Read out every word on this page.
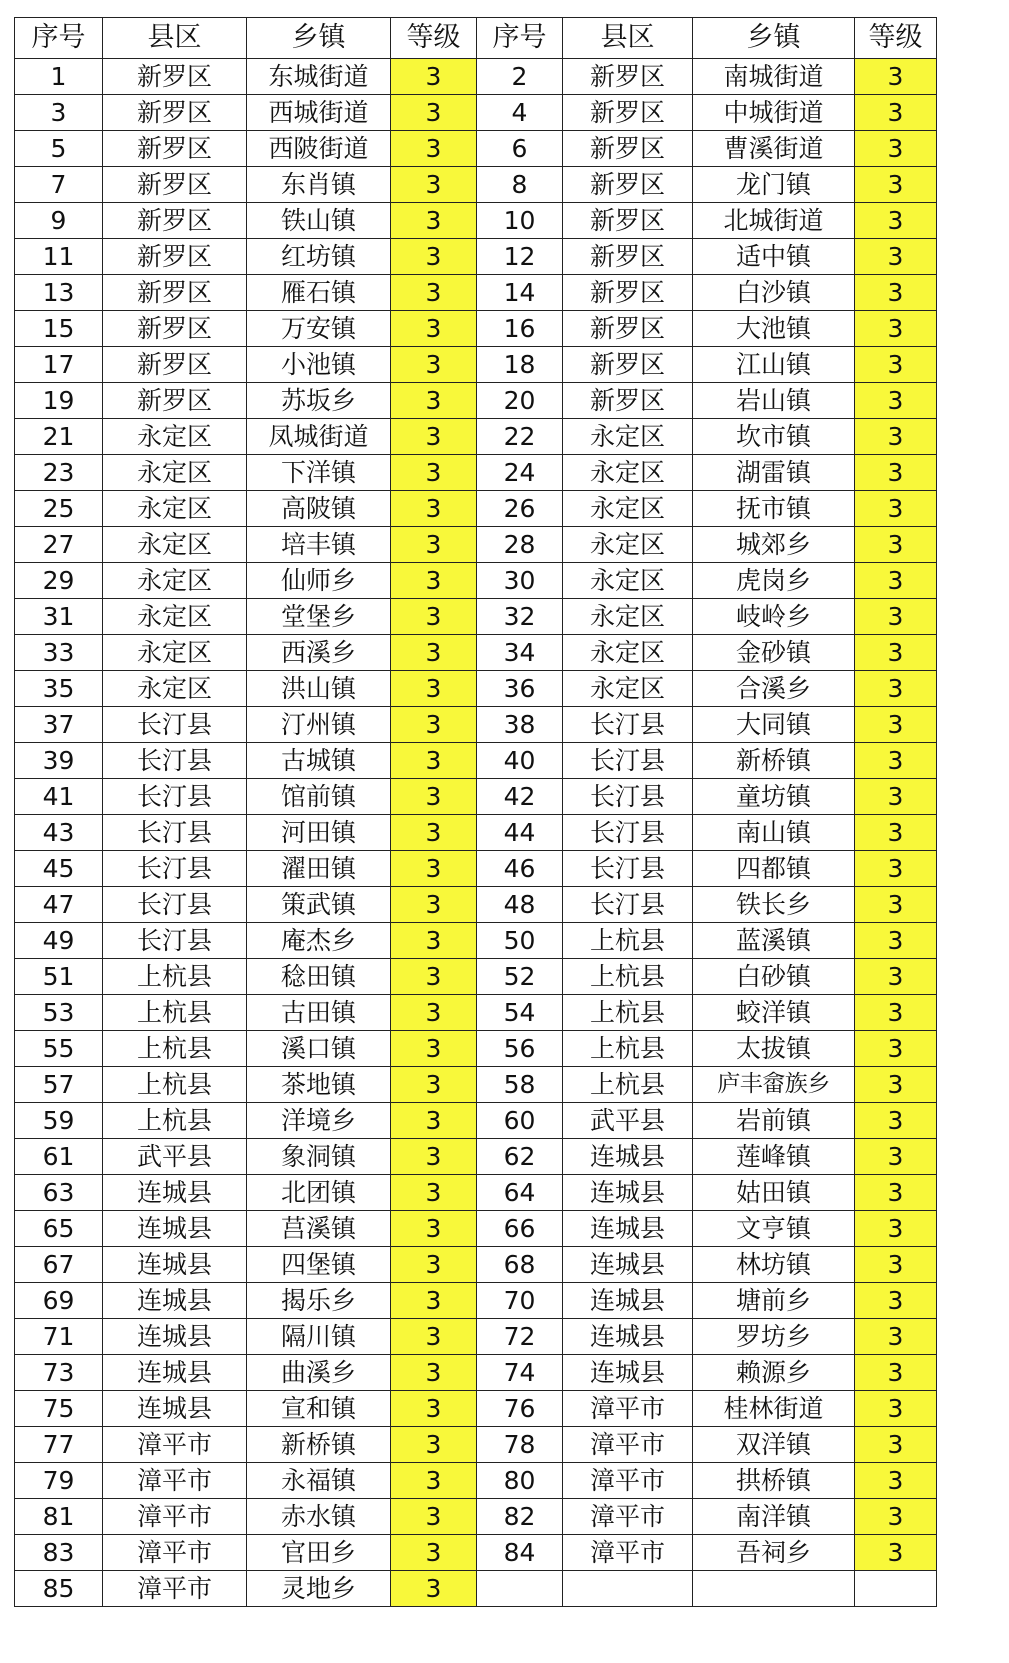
序号	县区	乡镇	等级	序号	县区	乡镇	等级
1	新罗区	东城街道	3	2	新罗区	南城街道	3
3	新罗区	西城街道	3	4	新罗区	中城街道	3
5	新罗区	西陂街道	3	6	新罗区	曹溪街道	3
7	新罗区	东肖镇	3	8	新罗区	龙门镇	3
9	新罗区	铁山镇	3	10	新罗区	北城街道	3
11	新罗区	红坊镇	3	12	新罗区	适中镇	3
13	新罗区	雁石镇	3	14	新罗区	白沙镇	3
15	新罗区	万安镇	3	16	新罗区	大池镇	3
17	新罗区	小池镇	3	18	新罗区	江山镇	3
19	新罗区	苏坂乡	3	20	新罗区	岩山镇	3
21	永定区	凤城街道	3	22	永定区	坎市镇	3
23	永定区	下洋镇	3	24	永定区	湖雷镇	3
25	永定区	高陂镇	3	26	永定区	抚市镇	3
27	永定区	培丰镇	3	28	永定区	城郊乡	3
29	永定区	仙师乡	3	30	永定区	虎岗乡	3
31	永定区	堂堡乡	3	32	永定区	岐岭乡	3
33	永定区	西溪乡	3	34	永定区	金砂镇	3
35	永定区	洪山镇	3	36	永定区	合溪乡	3
37	长汀县	汀州镇	3	38	长汀县	大同镇	3
39	长汀县	古城镇	3	40	长汀县	新桥镇	3
41	长汀县	馆前镇	3	42	长汀县	童坊镇	3
43	长汀县	河田镇	3	44	长汀县	南山镇	3
45	长汀县	濯田镇	3	46	长汀县	四都镇	3
47	长汀县	策武镇	3	48	长汀县	铁长乡	3
49	长汀县	庵杰乡	3	50	上杭县	蓝溪镇	3
51	上杭县	稔田镇	3	52	上杭县	白砂镇	3
53	上杭县	古田镇	3	54	上杭县	蛟洋镇	3
55	上杭县	溪口镇	3	56	上杭县	太拔镇	3
57	上杭县	茶地镇	3	58	上杭县	庐丰畲族乡	3
59	上杭县	洋境乡	3	60	武平县	岩前镇	3
61	武平县	象洞镇	3	62	连城县	莲峰镇	3
63	连城县	北团镇	3	64	连城县	姑田镇	3
65	连城县	莒溪镇	3	66	连城县	文亨镇	3
67	连城县	四堡镇	3	68	连城县	林坊镇	3
69	连城县	揭乐乡	3	70	连城县	塘前乡	3
71	连城县	隔川镇	3	72	连城县	罗坊乡	3
73	连城县	曲溪乡	3	74	连城县	赖源乡	3
75	连城县	宣和镇	3	76	漳平市	桂林街道	3
77	漳平市	新桥镇	3	78	漳平市	双洋镇	3
79	漳平市	永福镇	3	80	漳平市	拱桥镇	3
81	漳平市	赤水镇	3	82	漳平市	南洋镇	3
83	漳平市	官田乡	3	84	漳平市	吾祠乡	3
85	漳平市	灵地乡	3				
